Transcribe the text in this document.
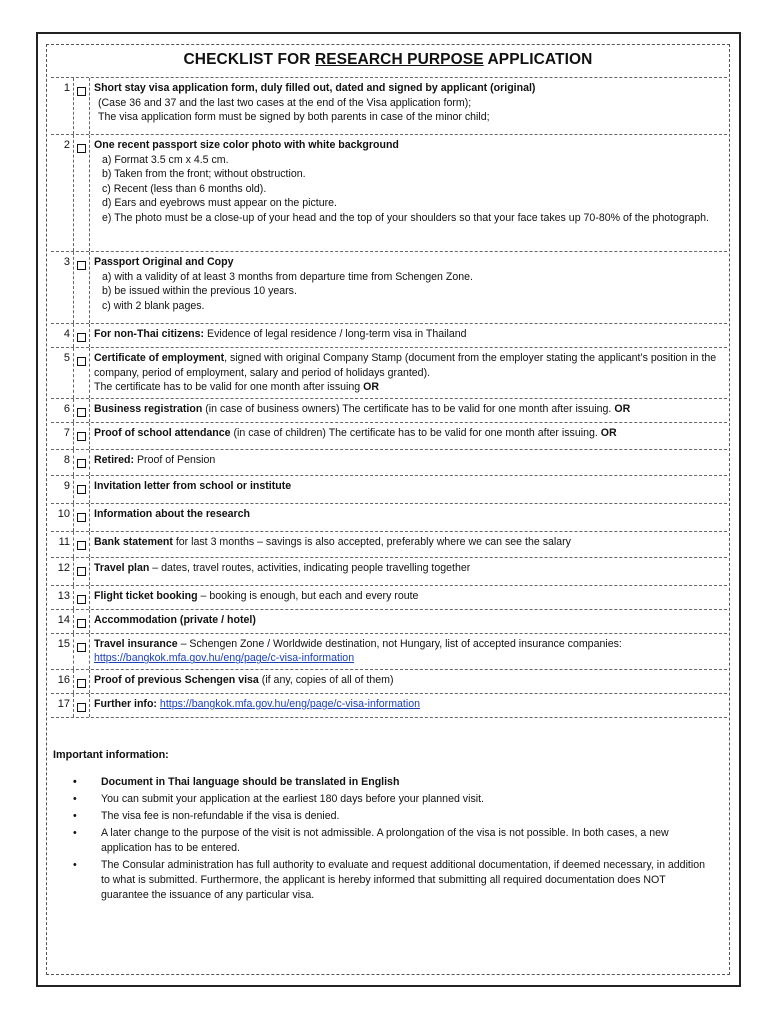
CHECKLIST FOR RESEARCH PURPOSE APPLICATION
1	Short stay visa application form, duly filled out, dated and signed by applicant (original)
(Case 36 and 37 and the last two cases at the end of the Visa application form);
The visa application form must be signed by both parents in case of the minor child;
2	One recent passport size color photo with white background
a) Format 3.5 cm x 4.5 cm.
b) Taken from the front; without obstruction.
c) Recent (less than 6 months old).
d) Ears and eyebrows must appear on the picture.
e) The photo must be a close-up of your head and the top of your shoulders so that your face takes up 70-80% of the photograph.
3	Passport Original and Copy
a) with a validity of at least 3 months from departure time from Schengen Zone.
b) be issued within the previous 10 years.
c) with 2 blank pages.
4	For non-Thai citizens: Evidence of legal residence / long-term visa in Thailand
5	Certificate of employment, signed with original Company Stamp (document from the employer stating the applicant’s position in the company, period of employment, salary and period of holidays granted).
The certificate has to be valid for one month after issuing OR
6	Business registration (in case of business owners) The certificate has to be valid for one month after issuing. OR
7	Proof of school attendance (in case of children) The certificate has to be valid for one month after issuing. OR
8	Retired: Proof of Pension
9	Invitation letter from school or institute
10	Information about the research
11	Bank statement for last 3 months – savings is also accepted, preferably where we can see the salary
12	Travel plan – dates, travel routes, activities, indicating people travelling together
13	Flight ticket booking – booking is enough, but each and every route
14	Accommodation (private / hotel)
15	Travel insurance – Schengen Zone / Worldwide destination, not Hungary, list of accepted insurance companies:
https://bangkok.mfa.gov.hu/eng/page/c-visa-information
16	Proof of previous Schengen visa (if any, copies of all of them)
17	Further info: https://bangkok.mfa.gov.hu/eng/page/c-visa-information
Important information:
• Document in Thai language should be translated in English
• You can submit your application at the earliest 180 days before your planned visit.
• The visa fee is non-refundable if the visa is denied.
• A later change to the purpose of the visit is not admissible. A prolongation of the visa is not possible. In both cases, a new application has to be entered.
• The Consular administration has full authority to evaluate and request additional documentation, if deemed necessary, in addition to what is submitted. Furthermore, the applicant is hereby informed that submitting all required documentation does NOT guarantee the issuance of any particular visa.
